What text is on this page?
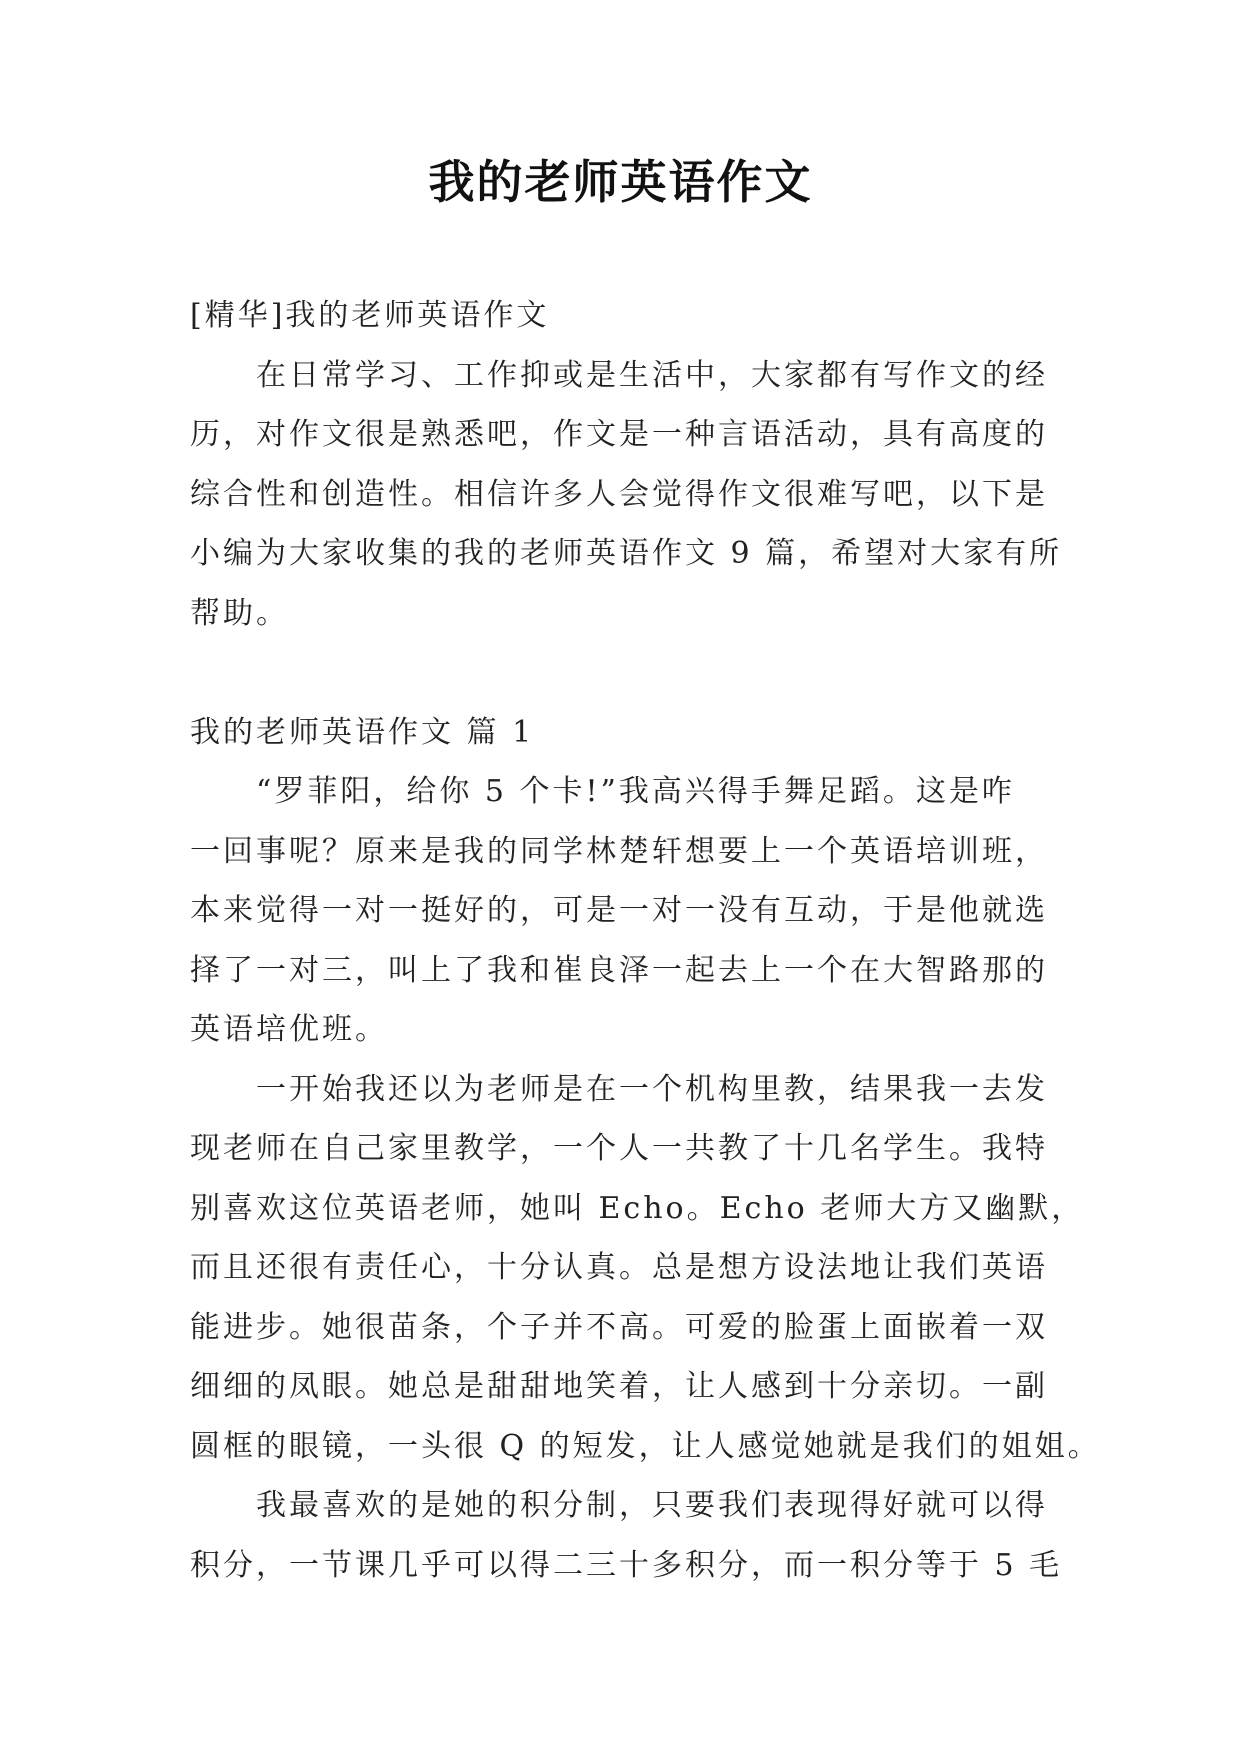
我的老师英语作文
[精华]我的老师英语作文
在日常学习、工作抑或是生活中，大家都有写作文的经
历，对作文很是熟悉吧，作文是一种言语活动，具有高度的
综合性和创造性。相信许多人会觉得作文很难写吧，以下是
小编为大家收集的我的老师英语作文 9 篇，希望对大家有所
帮助。
我的老师英语作文 篇 1
“罗菲阳，给你 5 个卡!”我高兴得手舞足蹈。这是咋
一回事呢？原来是我的同学林楚轩想要上一个英语培训班，
本来觉得一对一挺好的，可是一对一没有互动，于是他就选
择了一对三，叫上了我和崔良泽一起去上一个在大智路那的
英语培优班。
一开始我还以为老师是在一个机构里教，结果我一去发
现老师在自己家里教学，一个人一共教了十几名学生。我特
别喜欢这位英语老师，她叫 Echo。Echo 老师大方又幽默，
而且还很有责任心，十分认真。总是想方设法地让我们英语
能进步。她很苗条，个子并不高。可爱的脸蛋上面嵌着一双
细细的凤眼。她总是甜甜地笑着，让人感到十分亲切。一副
圆框的眼镜，一头很 Q 的短发，让人感觉她就是我们的姐姐。
我最喜欢的是她的积分制，只要我们表现得好就可以得
积分，一节课几乎可以得二三十多积分，而一积分等于 5 毛
